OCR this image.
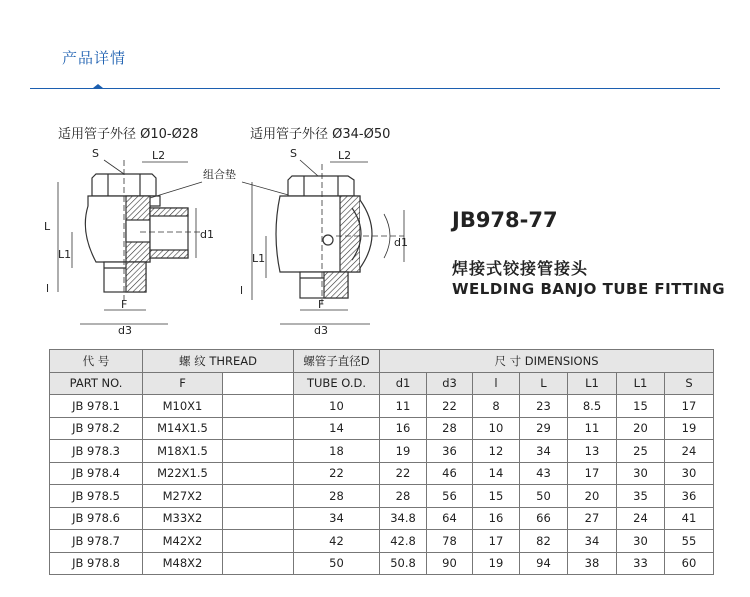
产品详情
适用管子外径 Ø10-Ø28
S	L2
L
L1
l
d1
F
d3
组合垫
适用管子外径 Ø34-Ø50
S	L2
L1
l
d1
F
d3
JB978-77
焊接式铰接管接头
WELDING BANJO TUBE FITTING
代 号	螺 纹 THREAD		螺管子直径D	尺 寸 DIMENSIONS						
PART NO.	F		TUBE O.D.	d1	d3	l	L	L1	L1	S
JB 978.1	M10X1		10	11	22	8	23	8.5	15	17
JB 978.2	M14X1.5		14	16	28	10	29	11	20	19
JB 978.3	M18X1.5		18	19	36	12	34	13	25	24
JB 978.4	M22X1.5		22	22	46	14	43	17	30	30
JB 978.5	M27X2		28	28	56	15	50	20	35	36
JB 978.6	M33X2		34	34.8	64	16	66	27	24	41
JB 978.7	M42X2		42	42.8	78	17	82	34	30	55
JB 978.8	M48X2		50	50.8	90	19	94	38	33	60
